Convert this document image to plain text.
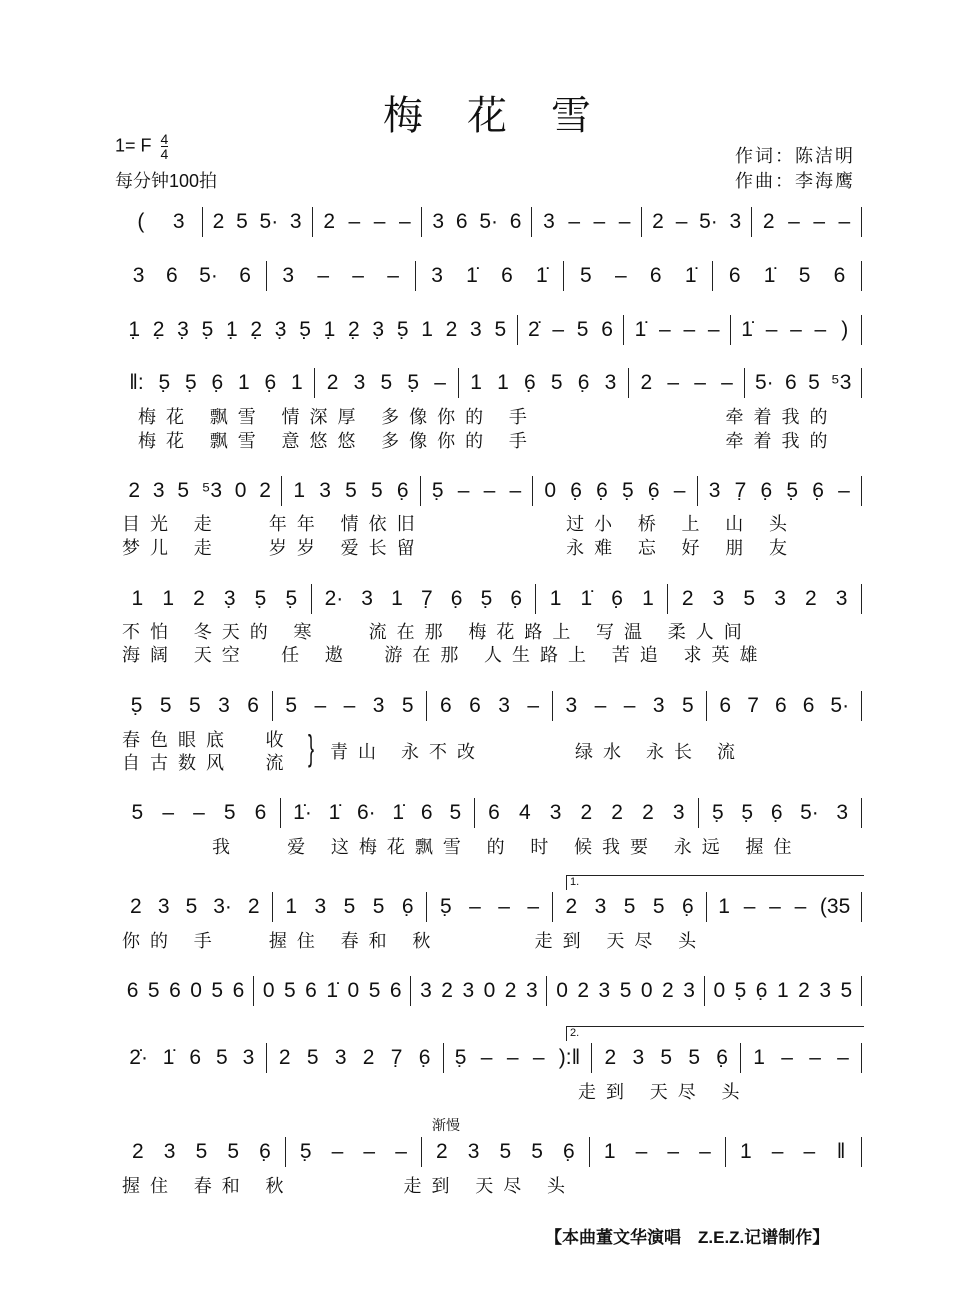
梅花雪
1= F $\frac{4}{4}$
每分钟100拍
作词：陈洁明
作曲：李海鹰
( 3 2 5 5· 3 2 – – – 3 6 5· 6 3 – – – 2 – 5· 3 2 – – –
3 6 5· 6 3 – – – 3 1̇ 6 1̇ 5 – 6 1̇ 6 1̇ 5 6
1̣ 2̣ 3̣ 5̣ 1̣ 2̣ 3̣ 5̣ 1̣ 2̣ 3̣ 5̣ 1 2 3 5 2̇ – 5 6 1̇ – – – 1̇ – – – )
‖: 5̣ 5̣ 6̣ 1 6̣ 1 2 3 5 5̣ – 1 1 6̣ 5 6̣ 3 2 – – – 5· 6 5 ⁵3
2 3 5 ⁵3 0 2 1 3 5 5 6̣ 5̣ – – – 0 6̣ 6̣ 5̣ 6̣ – 3 7̣ 6̣ 5̣ 6̣ –
1 1 2 3̣ 5̣ 5̣ 2· 3 1 7̣ 6̣ 5̣ 6̣ 1 1̇ 6̣ 1 2 3 5 3 2 3
5̣ 5 5 3 6 5 – – 3 5 6 6 3 – 3 – – 3 5 6 7 6 6 5·
5 – – 5 6 1̇· 1̇ 6· 1̇ 6 5 6 4 3 2 2 2 3 5̣ 5̣ 6̣ 5· 3
2 3 5 3· 2 1 3 5 5 6̣ 5̣ – – – 2 3 5 5 6̣ 1 – – – (35
6 5 6 0 5 6 0 5 6 1̇ 0 5 6 3 2 3 0 2 3 0 2 3 5 0 2 3 0 5̣ 6̣ 1 2 3 5
2̇· 1̇ 6 5 3 2 5 3 2 7̣ 6̣ 5̣ – – – ):‖ 2 3 5 5 6̣ 1 – – –
2 3 5 5 6̣ 5̣ – – – 2 3 5 5 6̣ 1 – – – 1 – – ‖
梅花 飘雪 情深厚 多像你的 手            牵着我的
梅花 飘雪 意悠悠 多像你的 手            牵着我的
目光 走   年年 情依旧         过小 桥 上 山 头
梦儿 走   岁岁 爱长留         永难 忘 好 朋 友
不怕 冬天的 寒   流在那 梅花路上 写温 柔人间
海阔 天空  任 遨  游在那 人生路上 苦追 求英雄
春色眼底  收
自古数风  流 } 青山 永不改      绿水 永长 流
我   爱 这梅花飘雪 的 时 候我要 永远 握住
你的 手   握住 春和 秋      走到 天尽 头
走到 天尽 头
握住 春和 秋       走到 天尽 头
1.
2.
渐慢
【本曲董文华演唱　Z.E.Z.记谱制作】
